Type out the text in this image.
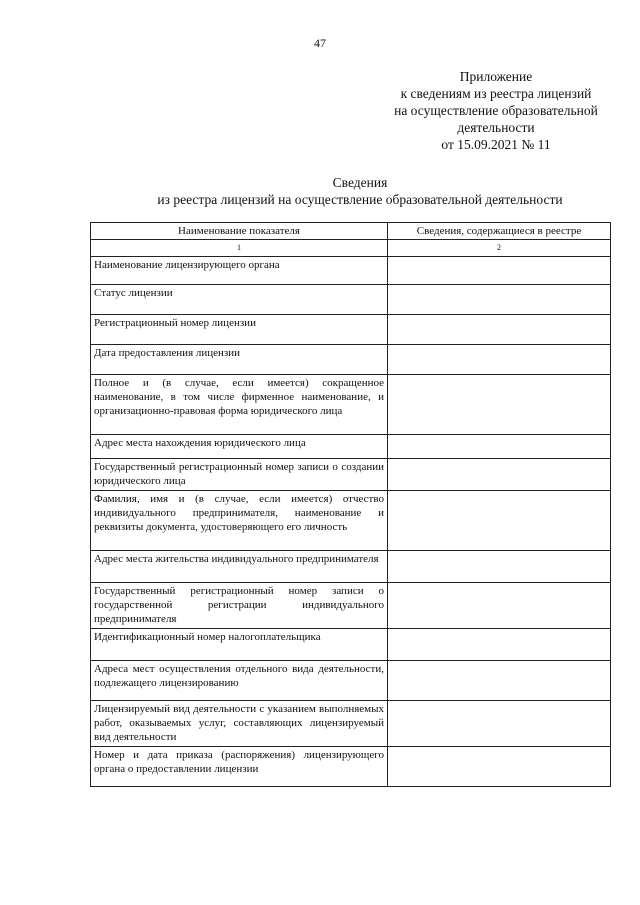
47
Приложение
к сведениям из реестра лицензий
на осуществление образовательной
деятельности
от 15.09.2021 № 11
Сведения
из реестра лицензий на осуществление образовательной деятельности
Наименование показателя	Сведения, содержащиеся в реестре
1	2
Наименование лицензирующего органа	
Статус лицензии	
Регистрационный номер лицензии	
Дата предоставления лицензии	
Полное и (в случае, если имеется) сокращенное наименование, в том числе фирменное наименование, и организационно-правовая форма юридического лица	
Адрес места нахождения юридического лица	
Государственный регистрационный номер записи о создании юридического лица	
Фамилия, имя и (в случае, если имеется) отчество индивидуального предпринимателя, наименование и реквизиты документа, удостоверяющего его личность	
Адрес места жительства индивидуального предпринимателя	
Государственный регистрационный номер записи о государственной регистрации индивидуального предпринимателя	
Идентификационный номер налогоплательщика	
Адреса мест осуществления отдельного вида деятельности, подлежащего лицензированию	
Лицензируемый вид деятельности с указанием выполняемых работ, оказываемых услуг, составляющих лицензируемый вид деятельности	
Номер и дата приказа (распоряжения) лицензирующего органа о предоставлении лицензии	
